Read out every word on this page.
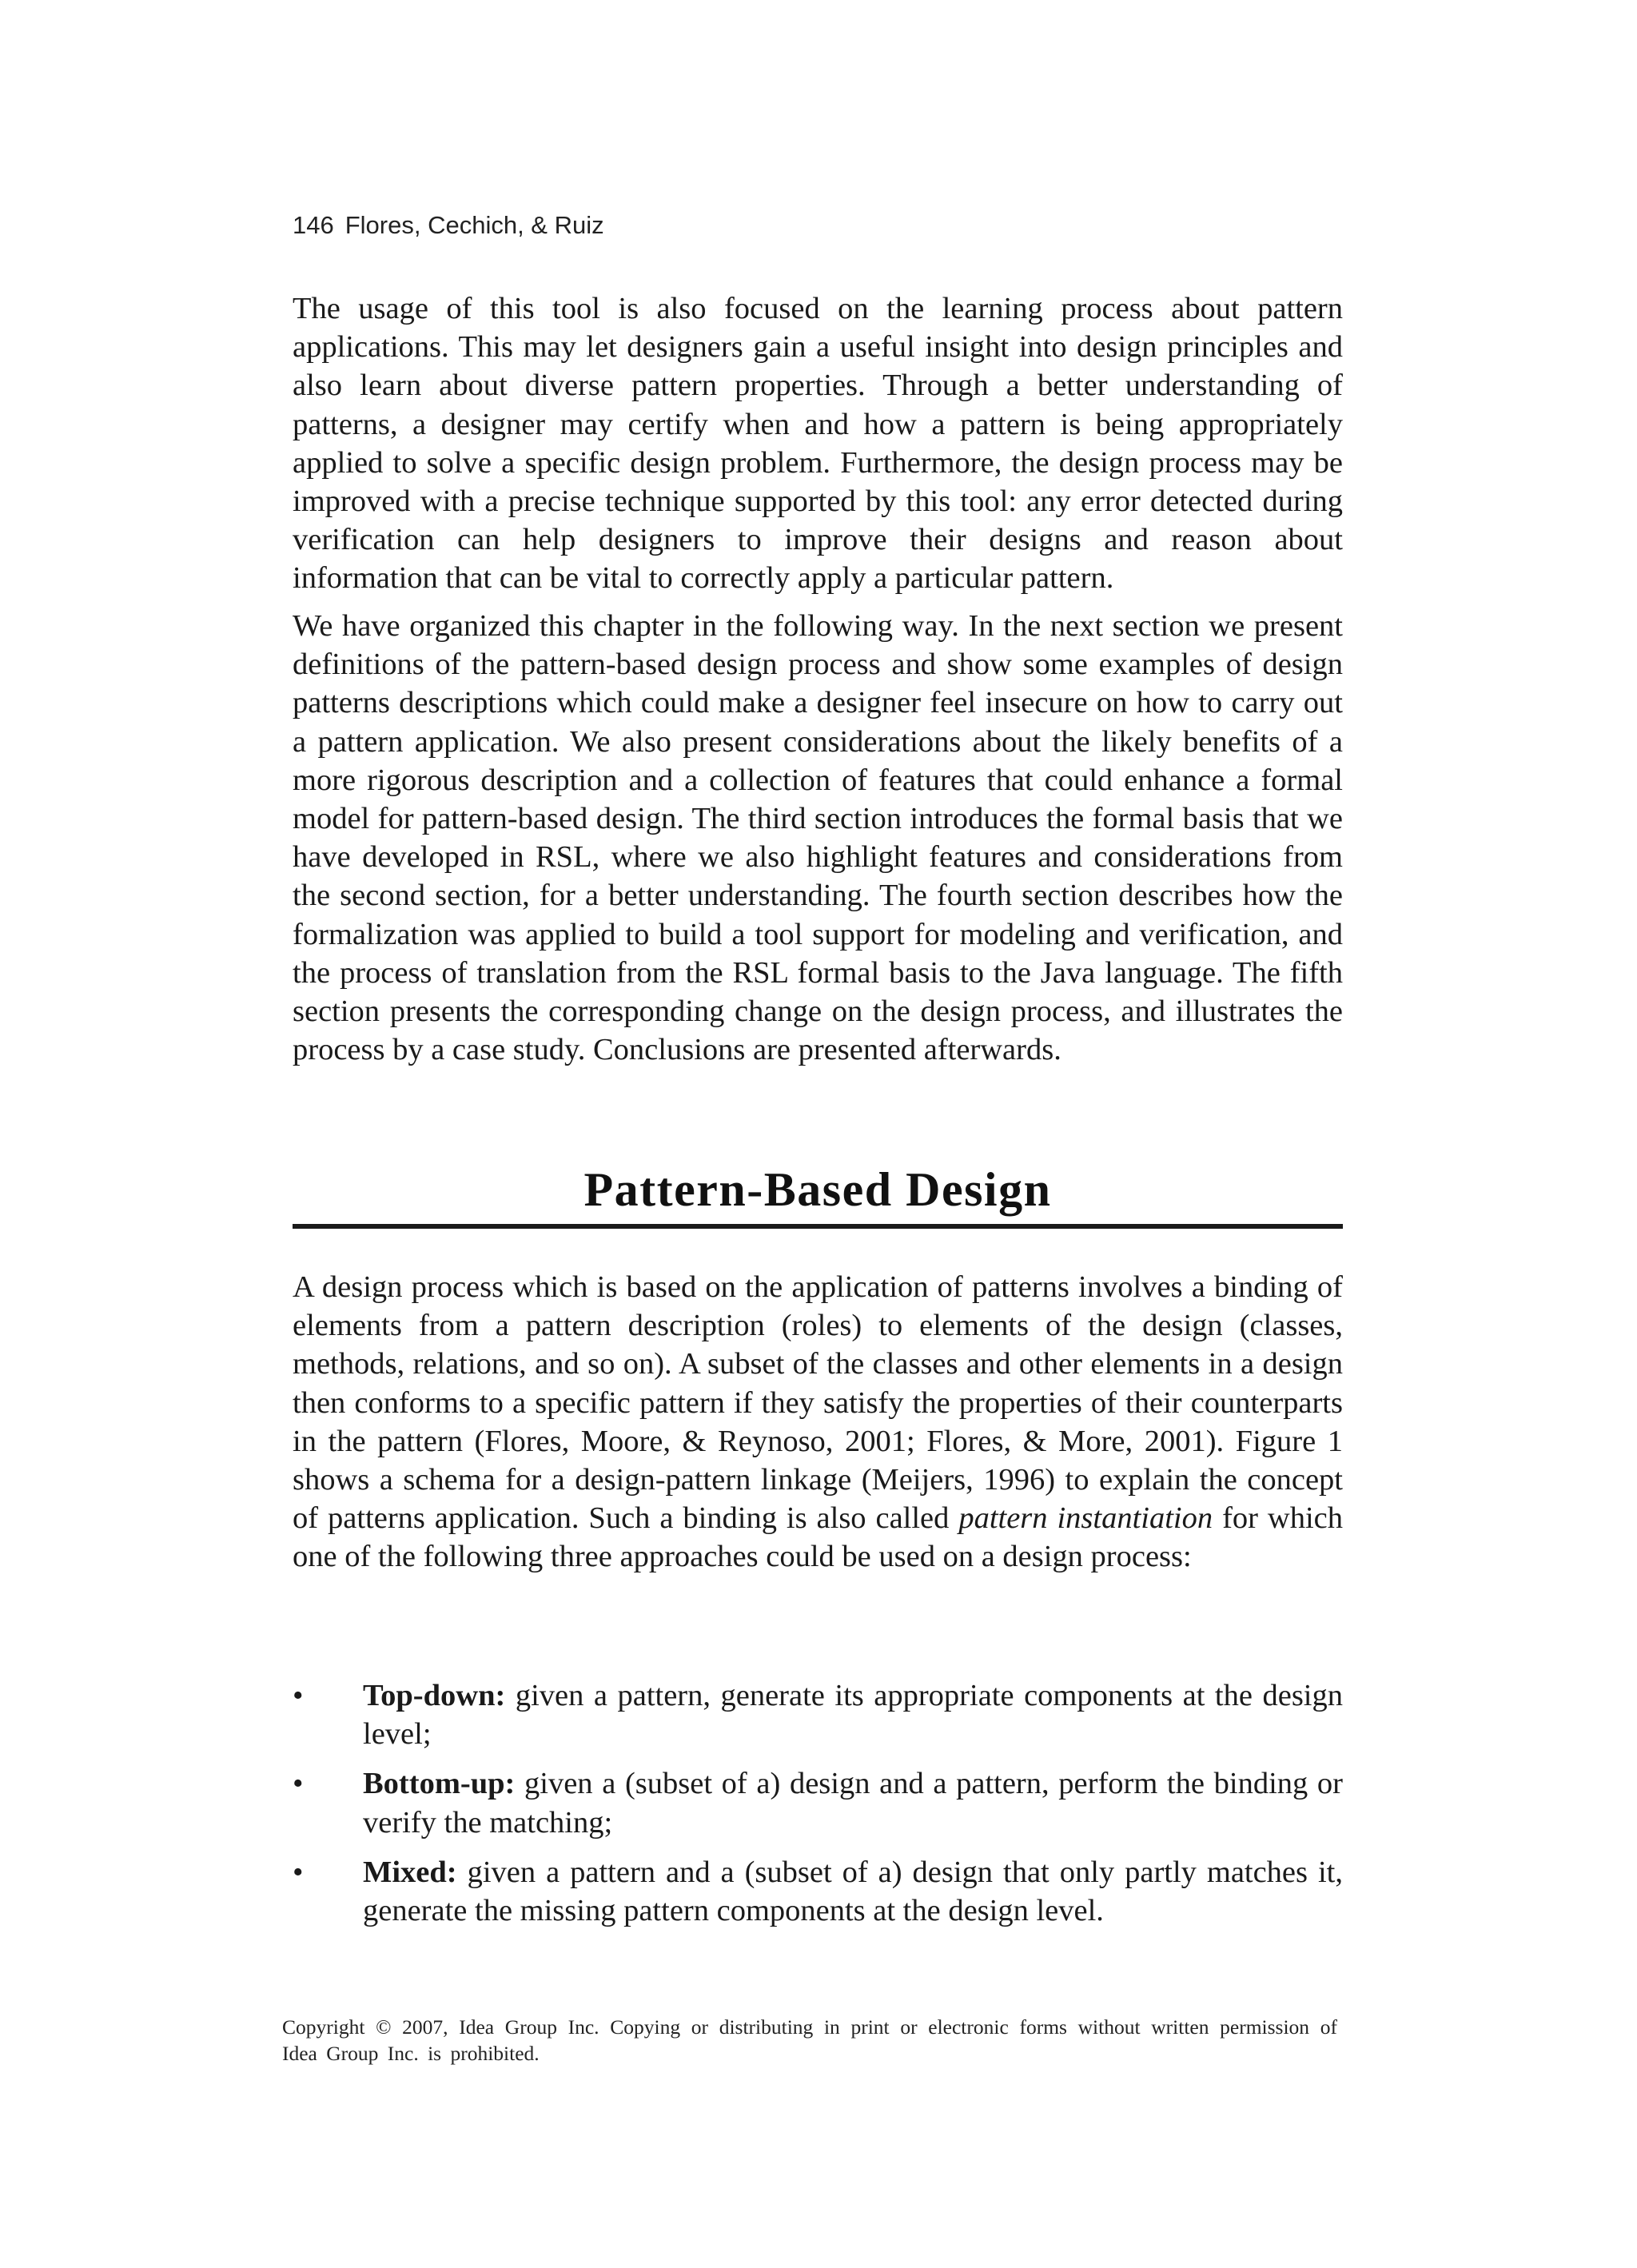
146 Flores, Cechich, & Ruiz

The usage of this tool is also focused on the learning process about pattern applications. This may let designers gain a useful insight into design principles and also learn about diverse pattern properties. Through a better understanding of patterns, a designer may certify when and how a pattern is being appropriately applied to solve a specific design problem. Furthermore, the design process may be improved with a precise technique supported by this tool: any error detected during verification can help designers to improve their designs and reason about information that can be vital to correctly apply a particular pattern.

We have organized this chapter in the following way. In the next section we present definitions of the pattern-based design process and show some examples of design patterns descriptions which could make a designer feel insecure on how to carry out a pattern application. We also present considerations about the likely benefits of a more rigorous description and a collection of features that could enhance a formal model for pattern-based design. The third section introduces the formal basis that we have developed in RSL, where we also highlight features and considerations from the second section, for a better understanding. The fourth section describes how the formalization was applied to build a tool support for modeling and verification, and the process of translation from the RSL formal basis to the Java language. The fifth section presents the corresponding change on the design process, and illustrates the process by a case study. Conclusions are presented afterwards.

Pattern-Based Design

A design process which is based on the application of patterns involves a binding of elements from a pattern description (roles) to elements of the design (classes, methods, relations, and so on). A subset of the classes and other elements in a design then conforms to a specific pattern if they satisfy the properties of their counterparts in the pattern (Flores, Moore, & Reynoso, 2001; Flores, & More, 2001). Figure 1 shows a schema for a design-pattern linkage (Meijers, 1996) to explain the concept of patterns application. Such a binding is also called pattern instantiation for which one of the following three approaches could be used on a design process:

• Top-down: given a pattern, generate its appropriate components at the design level;
• Bottom-up: given a (subset of a) design and a pattern, perform the binding or verify the matching;
• Mixed: given a pattern and a (subset of a) design that only partly matches it, generate the missing pattern components at the design level.
Copyright © 2007, Idea Group Inc. Copying or distributing in print or electronic forms without written permission of Idea Group Inc. is prohibited.
